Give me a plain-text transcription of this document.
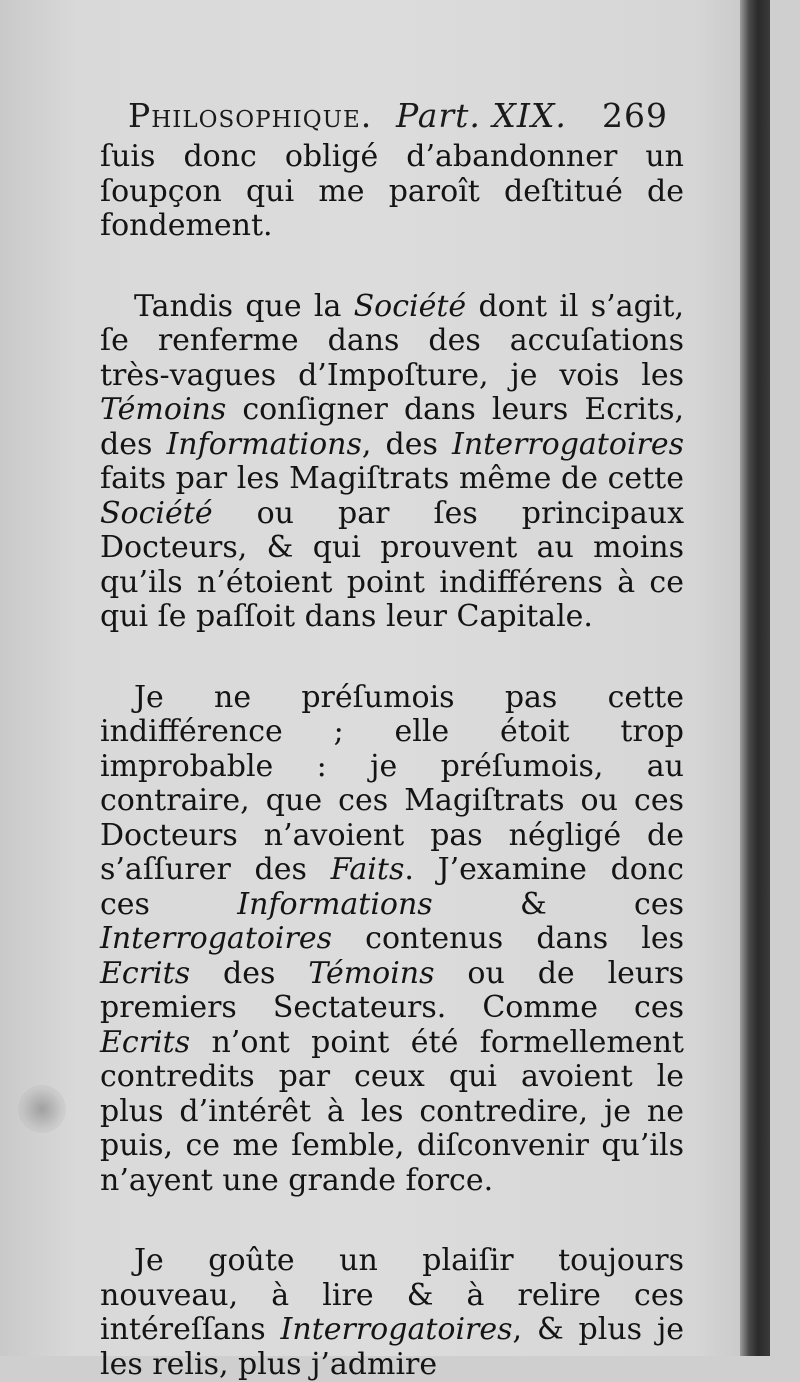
Philosophique. Part. XIX. 269

ſuis donc obligé d’abandonner un ſoupçon qui me paroît deſtitué de fondement.

Tandis que la Société dont il s’agit, ſe renferme dans des accuſations très-vagues d’Impoſture, je vois les Témoins conſigner dans leurs Ecrits, des Informations, des Interrogatoires faits par les Magiſtrats même de cette Société ou par ſes principaux Docteurs, & qui prouvent au moins qu’ils n’étoient point indifférens à ce qui ſe paſſoit dans leur Capitale.

Je ne préſumois pas cette indifférence ; elle étoit trop improbable : je préſumois, au contraire, que ces Magiſtrats ou ces Docteurs n’avoient pas négligé de s’aſſurer des Faits. J’examine donc ces Informations & ces Interrogatoires contenus dans les Ecrits des Témoins ou de leurs premiers Sectateurs. Comme ces Ecrits n’ont point été formellement contredits par ceux qui avoient le plus d’intérêt à les contredire, je ne puis, ce me ſemble, diſconvenir qu’ils n’ayent une grande force.

Je goûte un plaiſir toujours nouveau, à lire & à relire ces intéreſſans Interrogatoires, & plus je les relis, plus j’admire
